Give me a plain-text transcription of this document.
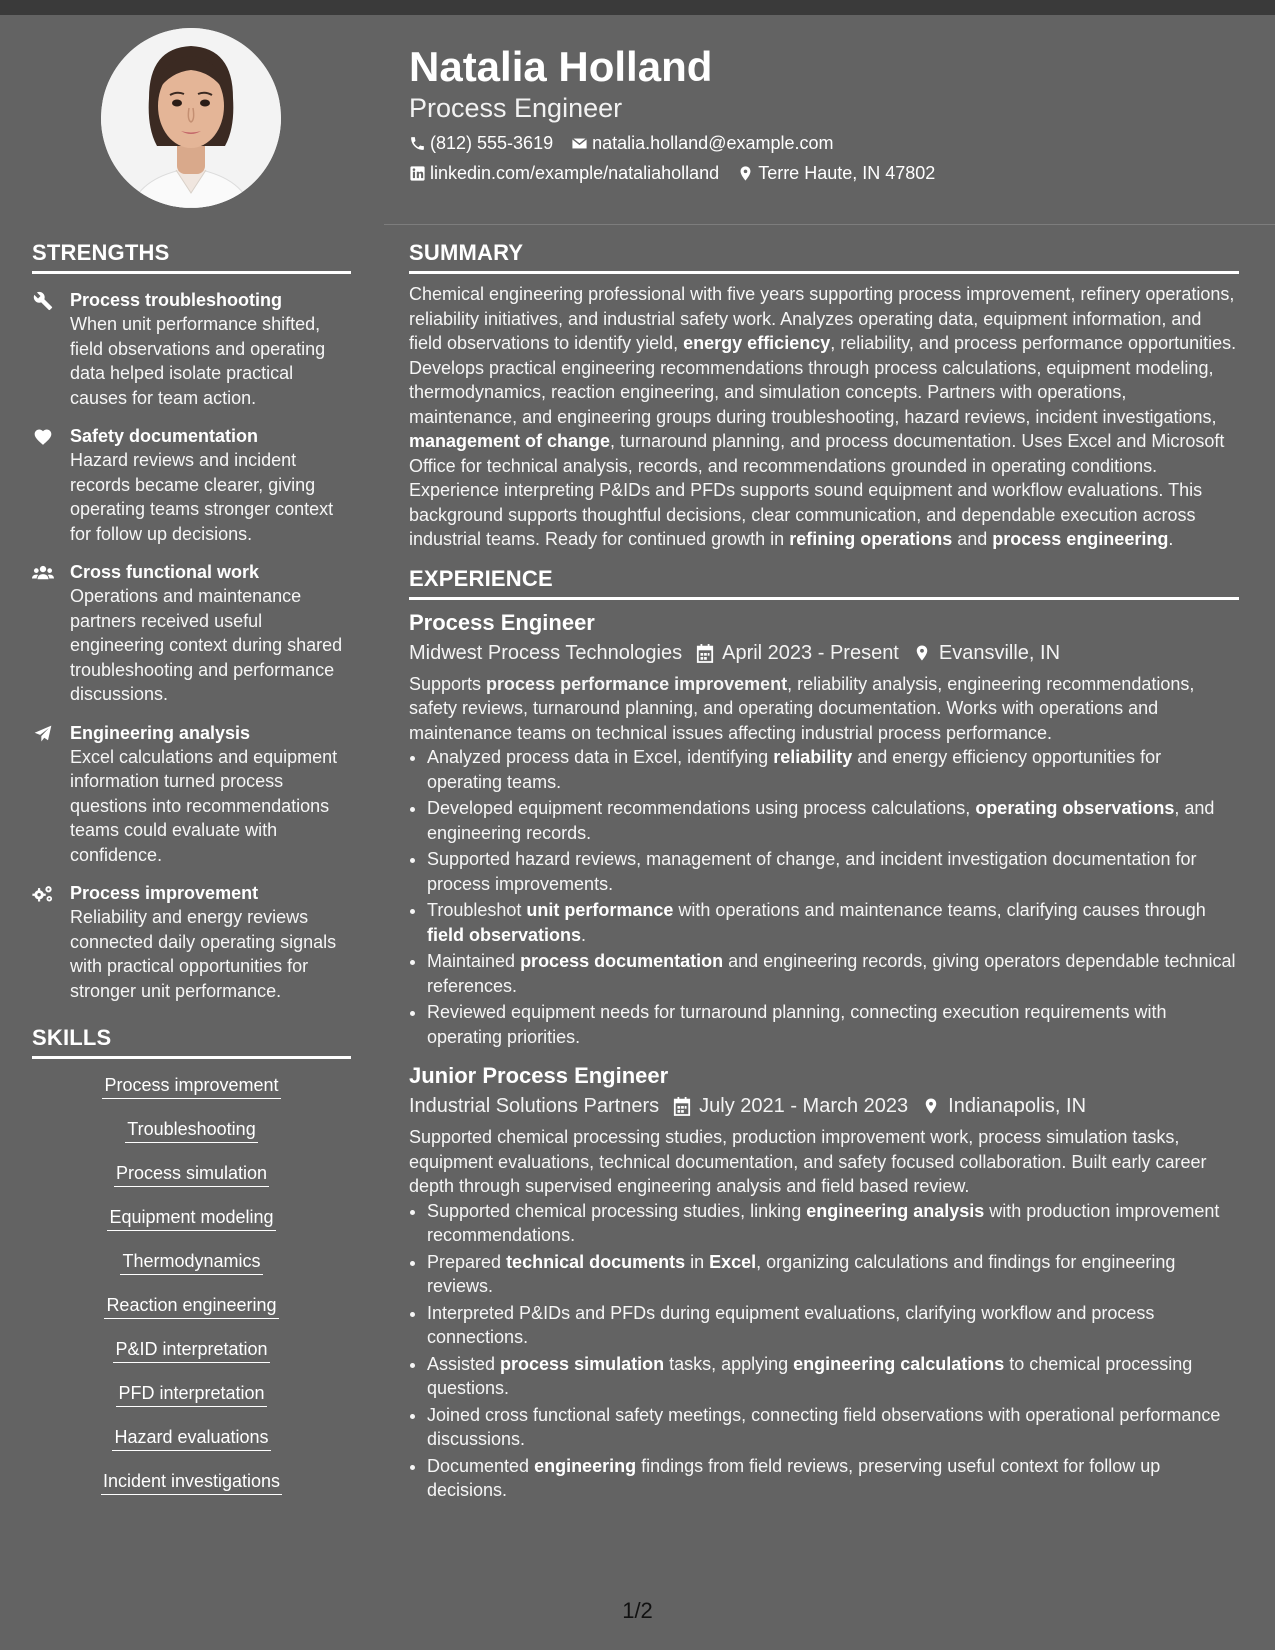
Natalia Holland
Process Engineer
(812) 555-3619 natalia.holland@example.com
linkedin.com/example/nataliaholland Terre Haute, IN 47802
STRENGTHS
Process troubleshooting
When unit performance shifted, field observations and operating data helped isolate practical causes for team action.
Safety documentation
Hazard reviews and incident records became clearer, giving operating teams stronger context for follow up decisions.
Cross functional work
Operations and maintenance partners received useful engineering context during shared troubleshooting and performance discussions.
Engineering analysis
Excel calculations and equipment information turned process questions into recommendations teams could evaluate with confidence.
Process improvement
Reliability and energy reviews connected daily operating signals with practical opportunities for stronger unit performance.
SKILLS
Process improvement
Troubleshooting
Process simulation
Equipment modeling
Thermodynamics
Reaction engineering
P&ID interpretation
PFD interpretation
Hazard evaluations
Incident investigations
SUMMARY

Chemical engineering professional with five years supporting process improvement, refinery operations, reliability initiatives, and industrial safety work. Analyzes operating data, equipment information, and field observations to identify yield, energy efficiency, reliability, and process performance opportunities. Develops practical engineering recommendations through process calculations, equipment modeling, thermodynamics, reaction engineering, and simulation concepts. Partners with operations, maintenance, and engineering groups during troubleshooting, hazard reviews, incident investigations, management of change, turnaround planning, and process documentation. Uses Excel and Microsoft Office for technical analysis, records, and recommendations grounded in operating conditions. Experience interpreting P&IDs and PFDs supports sound equipment and workflow evaluations. This background supports thoughtful decisions, clear communication, and dependable execution across industrial teams. Ready for continued growth in refining operations and process engineering.

EXPERIENCE
Process Engineer
Midwest Process Technologies April 2023 - Present Evansville, IN
Supports process performance improvement, reliability analysis, engineering recommendations, safety reviews, turnaround planning, and operating documentation. Works with operations and maintenance teams on technical issues affecting industrial process performance.
• Analyzed process data in Excel, identifying reliability and energy efficiency opportunities for operating teams.
• Developed equipment recommendations using process calculations, operating observations, and engineering records.
• Supported hazard reviews, management of change, and incident investigation documentation for process improvements.
• Troubleshot unit performance with operations and maintenance teams, clarifying causes through field observations.
• Maintained process documentation and engineering records, giving operators dependable technical references.
• Reviewed equipment needs for turnaround planning, connecting execution requirements with operating priorities.
Junior Process Engineer
Industrial Solutions Partners July 2021 - March 2023 Indianapolis, IN
Supported chemical processing studies, production improvement work, process simulation tasks, equipment evaluations, technical documentation, and safety focused collaboration. Built early career depth through supervised engineering analysis and field based review.
• Supported chemical processing studies, linking engineering analysis with production improvement recommendations.
• Prepared technical documents in Excel, organizing calculations and findings for engineering reviews.
• Interpreted P&IDs and PFDs during equipment evaluations, clarifying workflow and process connections.
• Assisted process simulation tasks, applying engineering calculations to chemical processing questions.
• Joined cross functional safety meetings, connecting field observations with operational performance discussions.
• Documented engineering findings from field reviews, preserving useful context for follow up decisions.
1/2
